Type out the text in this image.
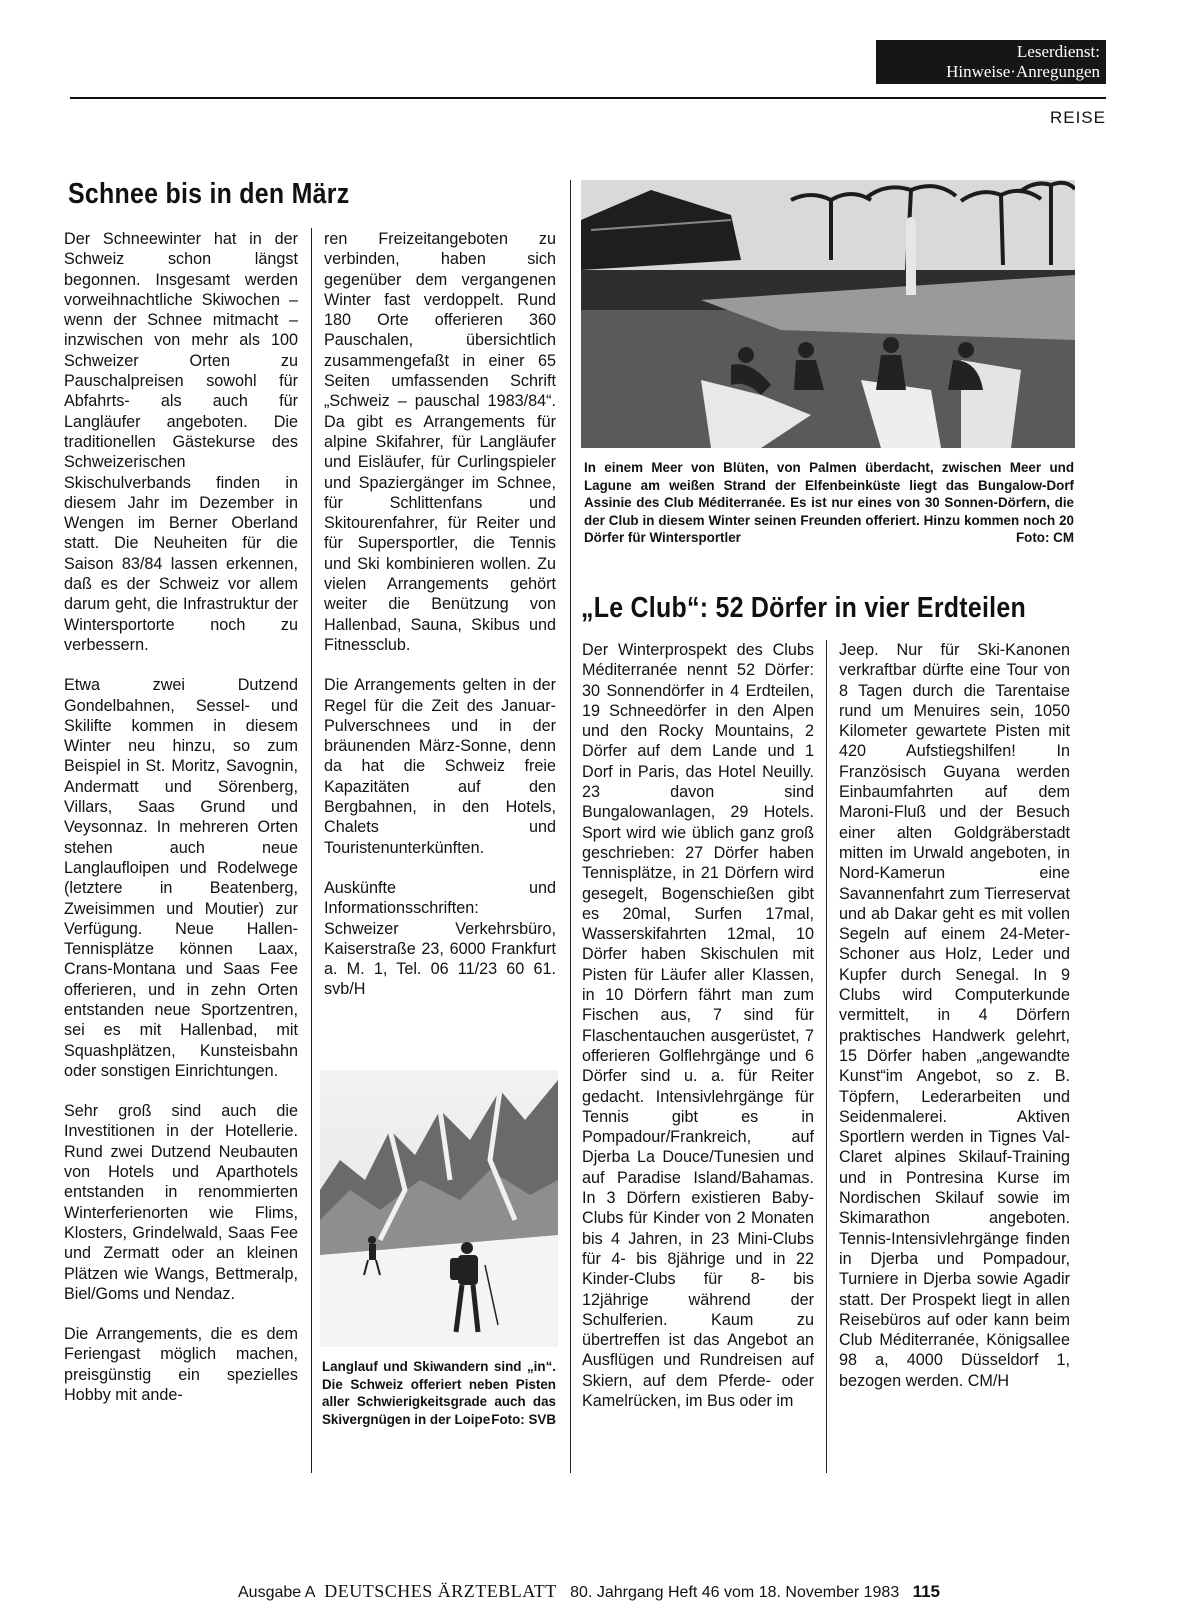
Leserdienst:
Hinweise·Anregungen
REISE
Schnee bis in den März

Der Schneewinter hat in der Schweiz schon längst begonnen. Insgesamt werden vorweihnachtliche Skiwochen – wenn der Schnee mitmacht – inzwischen von mehr als 100 Schweizer Orten zu Pauschalpreisen sowohl für Abfahrts- als auch für Langläufer angeboten. Die traditionellen Gästekurse des Schweizerischen Skischulverbands finden in diesem Jahr im Dezember in Wengen im Berner Oberland statt. Die Neuheiten für die Saison 83/84 lassen erkennen, daß es der Schweiz vor allem darum geht, die Infrastruktur der Wintersportorte noch zu verbessern.

Etwa zwei Dutzend Gondelbahnen, Sessel- und Skilifte kommen in diesem Winter neu hinzu, so zum Beispiel in St. Moritz, Savognin, Andermatt und Sörenberg, Villars, Saas Grund und Veysonnaz. In mehreren Orten stehen auch neue Langlaufloipen und Rodelwege (letztere in Beatenberg, Zweisimmen und Moutier) zur Verfügung. Neue Hallen-Tennisplätze können Laax, Crans-Montana und Saas Fee offerieren, und in zehn Orten entstanden neue Sportzentren, sei es mit Hallenbad, mit Squashplätzen, Kunsteisbahn oder sonstigen Einrichtungen.

Sehr groß sind auch die Investitionen in der Hotellerie. Rund zwei Dutzend Neubauten von Hotels und Aparthotels entstanden in renommierten Winterferienorten wie Flims, Klosters, Grindelwald, Saas Fee und Zermatt oder an kleinen Plätzen wie Wangs, Bettmeralp, Biel/Goms und Nendaz.

Die Arrangements, die es dem Feriengast möglich machen, preisgünstig ein spezielles Hobby mit ande-

ren Freizeitangeboten zu verbinden, haben sich gegenüber dem vergangenen Winter fast verdoppelt. Rund 180 Orte offerieren 360 Pauschalen, übersichtlich zusammengefaßt in einer 65 Seiten umfassenden Schrift „Schweiz – pauschal 1983/84“. Da gibt es Arrangements für alpine Skifahrer, für Langläufer und Eisläufer, für Curlingspieler und Spaziergänger im Schnee, für Schlittenfans und Skitourenfahrer, für Reiter und für Supersportler, die Tennis und Ski kombinieren wollen. Zu vielen Arrangements gehört weiter die Benützung von Hallenbad, Sauna, Skibus und Fitnessclub.

Die Arrangements gelten in der Regel für die Zeit des Januar-Pulverschnees und in der bräunenden März-Sonne, denn da hat die Schweiz freie Kapazitäten auf den Bergbahnen, in den Hotels, Chalets und Touristenunterkünften.

Auskünfte und Informationsschriften: Schweizer Verkehrsbüro, Kaiserstraße 23, 6000 Frankfurt a. M. 1, Tel. 06 11/23 60 61. svb/H

Langlauf und Skiwandern sind „in“. Die Schweiz offeriert neben Pisten aller Schwierigkeitsgrade auch das Skivergnügen in der Loipe Foto: SVB
In einem Meer von Blüten, von Palmen überdacht, zwischen Meer und Lagune am weißen Strand der Elfenbeinküste liegt das Bungalow-Dorf Assinie des Club Méditerranée. Es ist nur eines von 30 Sonnen-Dörfern, die der Club in diesem Winter seinen Freunden offeriert. Hinzu kommen noch 20 Dörfer für Wintersportler	Foto: CM
„Le Club“: 52 Dörfer in vier Erdteilen

Der Winterprospekt des Clubs Méditerranée nennt 52 Dörfer: 30 Sonnendörfer in 4 Erdteilen, 19 Schneedörfer in den Alpen und den Rocky Mountains, 2 Dörfer auf dem Lande und 1 Dorf in Paris, das Hotel Neuilly. 23 davon sind Bungalowanlagen, 29 Hotels. Sport wird wie üblich ganz groß geschrieben: 27 Dörfer haben Tennisplätze, in 21 Dörfern wird gesegelt, Bogenschießen gibt es 20mal, Surfen 17mal, Wasserskifahrten 12mal, 10 Dörfer haben Skischulen mit Pisten für Läufer aller Klassen, in 10 Dörfern fährt man zum Fischen aus, 7 sind für Flaschentauchen ausgerüstet, 7 offerieren Golflehrgänge und 6 Dörfer sind u. a. für Reiter gedacht. Intensivlehrgänge für Tennis gibt es in Pompadour/Frankreich, auf Djerba La Douce/Tunesien und auf Paradise Island/Bahamas. In 3 Dörfern existieren Baby-Clubs für Kinder von 2 Monaten bis 4 Jahren, in 23 Mini-Clubs für 4- bis 8jährige und in 22 Kinder-Clubs für 8- bis 12jährige während der Schulferien. Kaum zu übertreffen ist das Angebot an Ausflügen und Rundreisen auf Skiern, auf dem Pferde- oder Kamelrücken, im Bus oder im

Jeep. Nur für Ski-Kanonen verkraftbar dürfte eine Tour von 8 Tagen durch die Tarentaise rund um Menuires sein, 1050 Kilometer gewartete Pisten mit 420 Aufstiegshilfen! In Französisch Guyana werden Einbaumfahrten auf dem Maroni-Fluß und der Besuch einer alten Goldgräberstadt mitten im Urwald angeboten, in Nord-Kamerun eine Savannenfahrt zum Tierreservat und ab Dakar geht es mit vollen Segeln auf einem 24-Meter-Schoner aus Holz, Leder und Kupfer durch Senegal. In 9 Clubs wird Computerkunde vermittelt, in 4 Dörfern praktisches Handwerk gelehrt, 15 Dörfer haben „angewandte Kunst“im Angebot, so z. B. Töpfern, Lederarbeiten und Seidenmalerei. Aktiven Sportlern werden in Tignes Val-Claret alpines Skilauf-Training und in Pontresina Kurse im Nordischen Skilauf sowie im Skimarathon angeboten. Tennis-Intensivlehrgänge finden in Djerba und Pompadour, Turniere in Djerba sowie Agadir statt. Der Prospekt liegt in allen Reisebüros auf oder kann beim Club Méditerranée, Königsallee 98 a, 4000 Düsseldorf 1, bezogen werden. CM/H

Ausgabe A DEUTSCHES ÄRZTEBLATT 80. Jahrgang Heft 46 vom 18. November 1983 115
